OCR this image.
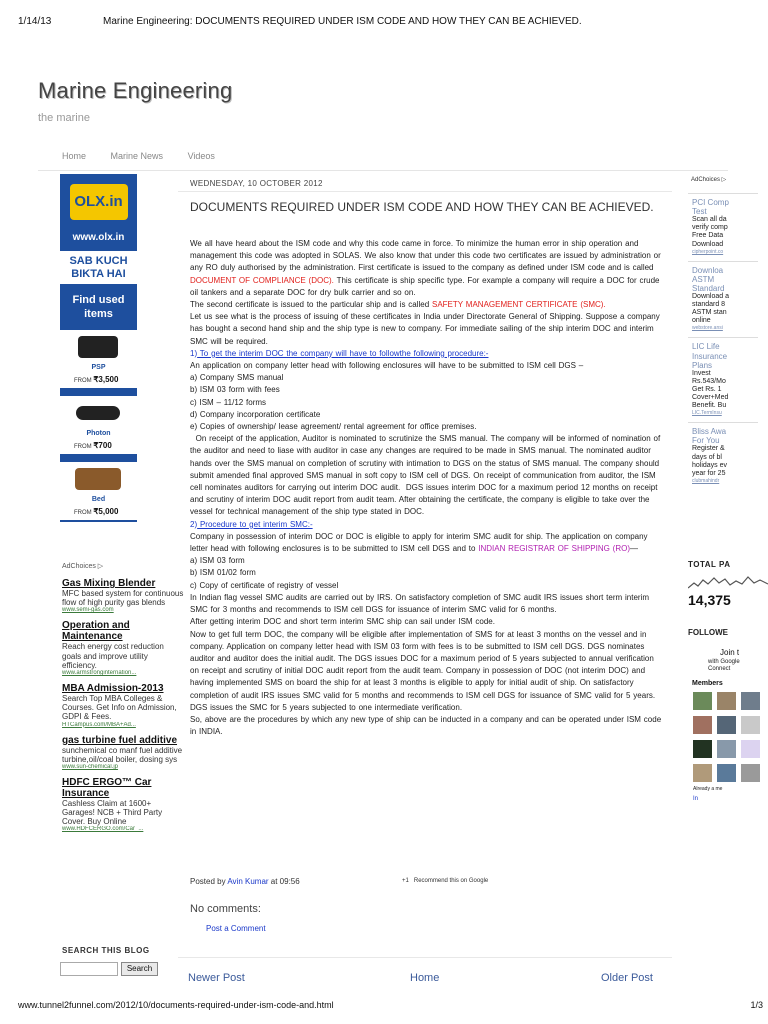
1/14/13	Marine Engineering: DOCUMENTS REQUIRED UNDER ISM CODE AND HOW THEY CAN BE ACHIEVED.
Marine Engineering
the marine
Home	Marine News	Videos
OLX.in
www.olx.in
SAB KUCH
BIKTA HAI
Find used
items
PSP
FROM ₹3,500
Photon
FROM ₹700
Bed
FROM ₹5,000
AdChoices ▷
Gas Mixing Blender
MFC based system for continuous flow of high purity gas blends
www.semi-gas.com
Operation and Maintenance
Reach energy cost reduction goals and improve utility efficiency.
www.armstronginternation...
MBA Admission-2013
Search Top MBA Colleges & Courses. Get Info on Admission, GDPI & Fees.
HTCampus.com/MBA+Ad...
gas turbine fuel additive
sunchemical co manf fuel additive turbine,oil/coal boiler, dosing sys
www.sun-chemical.jp
HDFC ERGO™ Car Insurance
Cashless Claim at 1600+ Garages! NCB + Third Party Cover. Buy Online
www.HDFCERGO.com/Car_...
SEARCH THIS BLOG
Search
WEDNESDAY, 10 OCTOBER 2012
DOCUMENTS REQUIRED UNDER ISM CODE AND HOW THEY CAN BE ACHIEVED.

We all have heard about the ISM code and why this code came in force. To minimize the human error in ship operation and management this code was adopted in SOLAS. We also know that under this code two certificates are issued by administration or any RO duly authorised by the administration. First certificate is issued to the company as defined under ISM code and is called DOCUMENT OF COMPLIANCE (DOC). This certificate is ship specific type. For example a company will require a DOC for crude oil tankers and a separate DOC for dry bulk carrier and so on.

The second certificate is issued to the particular ship and is called SAFETY MANAGEMENT CERTIFICATE (SMC).

Let us see what is the process of issuing of these certificates in India under Directorate General of Shipping. Suppose a company has bought a second hand ship and the ship type is new to company. For immediate sailing of the ship interim DOC and interim SMC will be required.

1) To get the interim DOC the company will have to followthe following procedure:-

An application on company letter head with following enclosures will have to be submitted to ISM cell DGS –

a) Company SMS manual

b) ISM 03 form with fees

c) ISM – 11/12 forms

d) Company incorporation certificate

e) Copies of ownership/ lease agreement/ rental agreement for office premises.

On receipt of the application, Auditor is nominated to scrutinize the SMS manual. The company will be informed of nomination of the auditor and need to liase with auditor in case any changes are required to be made in SMS manual. The nominated auditor hands over the SMS manual on completion of scrutiny with intimation to DGS on the status of SMS manual. The company should submit amended final approved SMS manual in soft copy to ISM cell of DGS. On receipt of communication from auditor, the ISM cell nominates auditors for carrying out interim DOC audit.  DGS issues interim DOC for a maximum period 12 months on receipt and scrutiny of interim DOC audit report from audit team. After obtaining the certificate, the company is eligible to take over the vessel for technical management of the ship type stated in DOC.

2) Procedure to get interim SMC:-

Company in possession of interim DOC or DOC is eligible to apply for interim SMC audit for ship. The application on company letter head with following enclosures is to be submitted to ISM cell DGS and to INDIAN REGISTRAR OF SHIPPING (RO)—

a) ISM 03 form

b) ISM 01/02 form

c) Copy of certificate of registry of vessel

In Indian flag vessel SMC audits are carried out by IRS. On satisfactory completion of SMC audit IRS issues short term interim SMC for 3 months and recommends to ISM cell DGS for issuance of interim SMC valid for 6 months.

After getting interim DOC and short term interim SMC ship can sail under ISM code.

Now to get full term DOC, the company will be eligible after implementation of SMS for at least 3 months on the vessel and in company. Application on company letter head with ISM 03 form with fees is to be submitted to ISM cell DGS. DGS nominates auditor and auditor does the initial audit. The DGS issues DOC for a maximum period of 5 years subjected to annual verification on receipt and scrutiny of initial DOC audit report from the audit team. Company in possession of DOC (not interim DOC) and having implemented SMS on board the ship for at least 3 months is eligible to apply for initial audit of ship. On satisfactory completion of audit IRS issues SMC valid for 5 months and recommends to ISM cell DGS for issuance of SMC valid for 5 years. DGS issues the SMC for 5 years subjected to one intermediate verification.

So, above are the procedures by which any new type of ship can be inducted in a company and can be operated under ISM code in INDIA.

Posted by Avin Kumar at 09:56	+1 Recommend this on Google
No comments:
Post a Comment
Newer Post	Home	Older Post
AdChoices ▷
PCI Comp
Test
Scan all da
verify comp
Free Data
Download
cipherpoint.co
Downloa
ASTM
Standard
Download a
standard 8
ASTM stan
online
webstore.ansi
LIC Life
Insurance
Plans
Invest
Rs.543/Mo
Get Rs. 1
Cover+Med
Benefit. Bu
LIC.TermInsu
Bliss Awa
For You
Register &
days of bl
holidays ev
year for 25
clubmahindr
TOTAL PA
14,375
FOLLOWE
Join t
with Google
Connect
Members
Already a me
In
www.tunnel2funnel.com/2012/10/documents-required-under-ism-code-and.html	1/3
